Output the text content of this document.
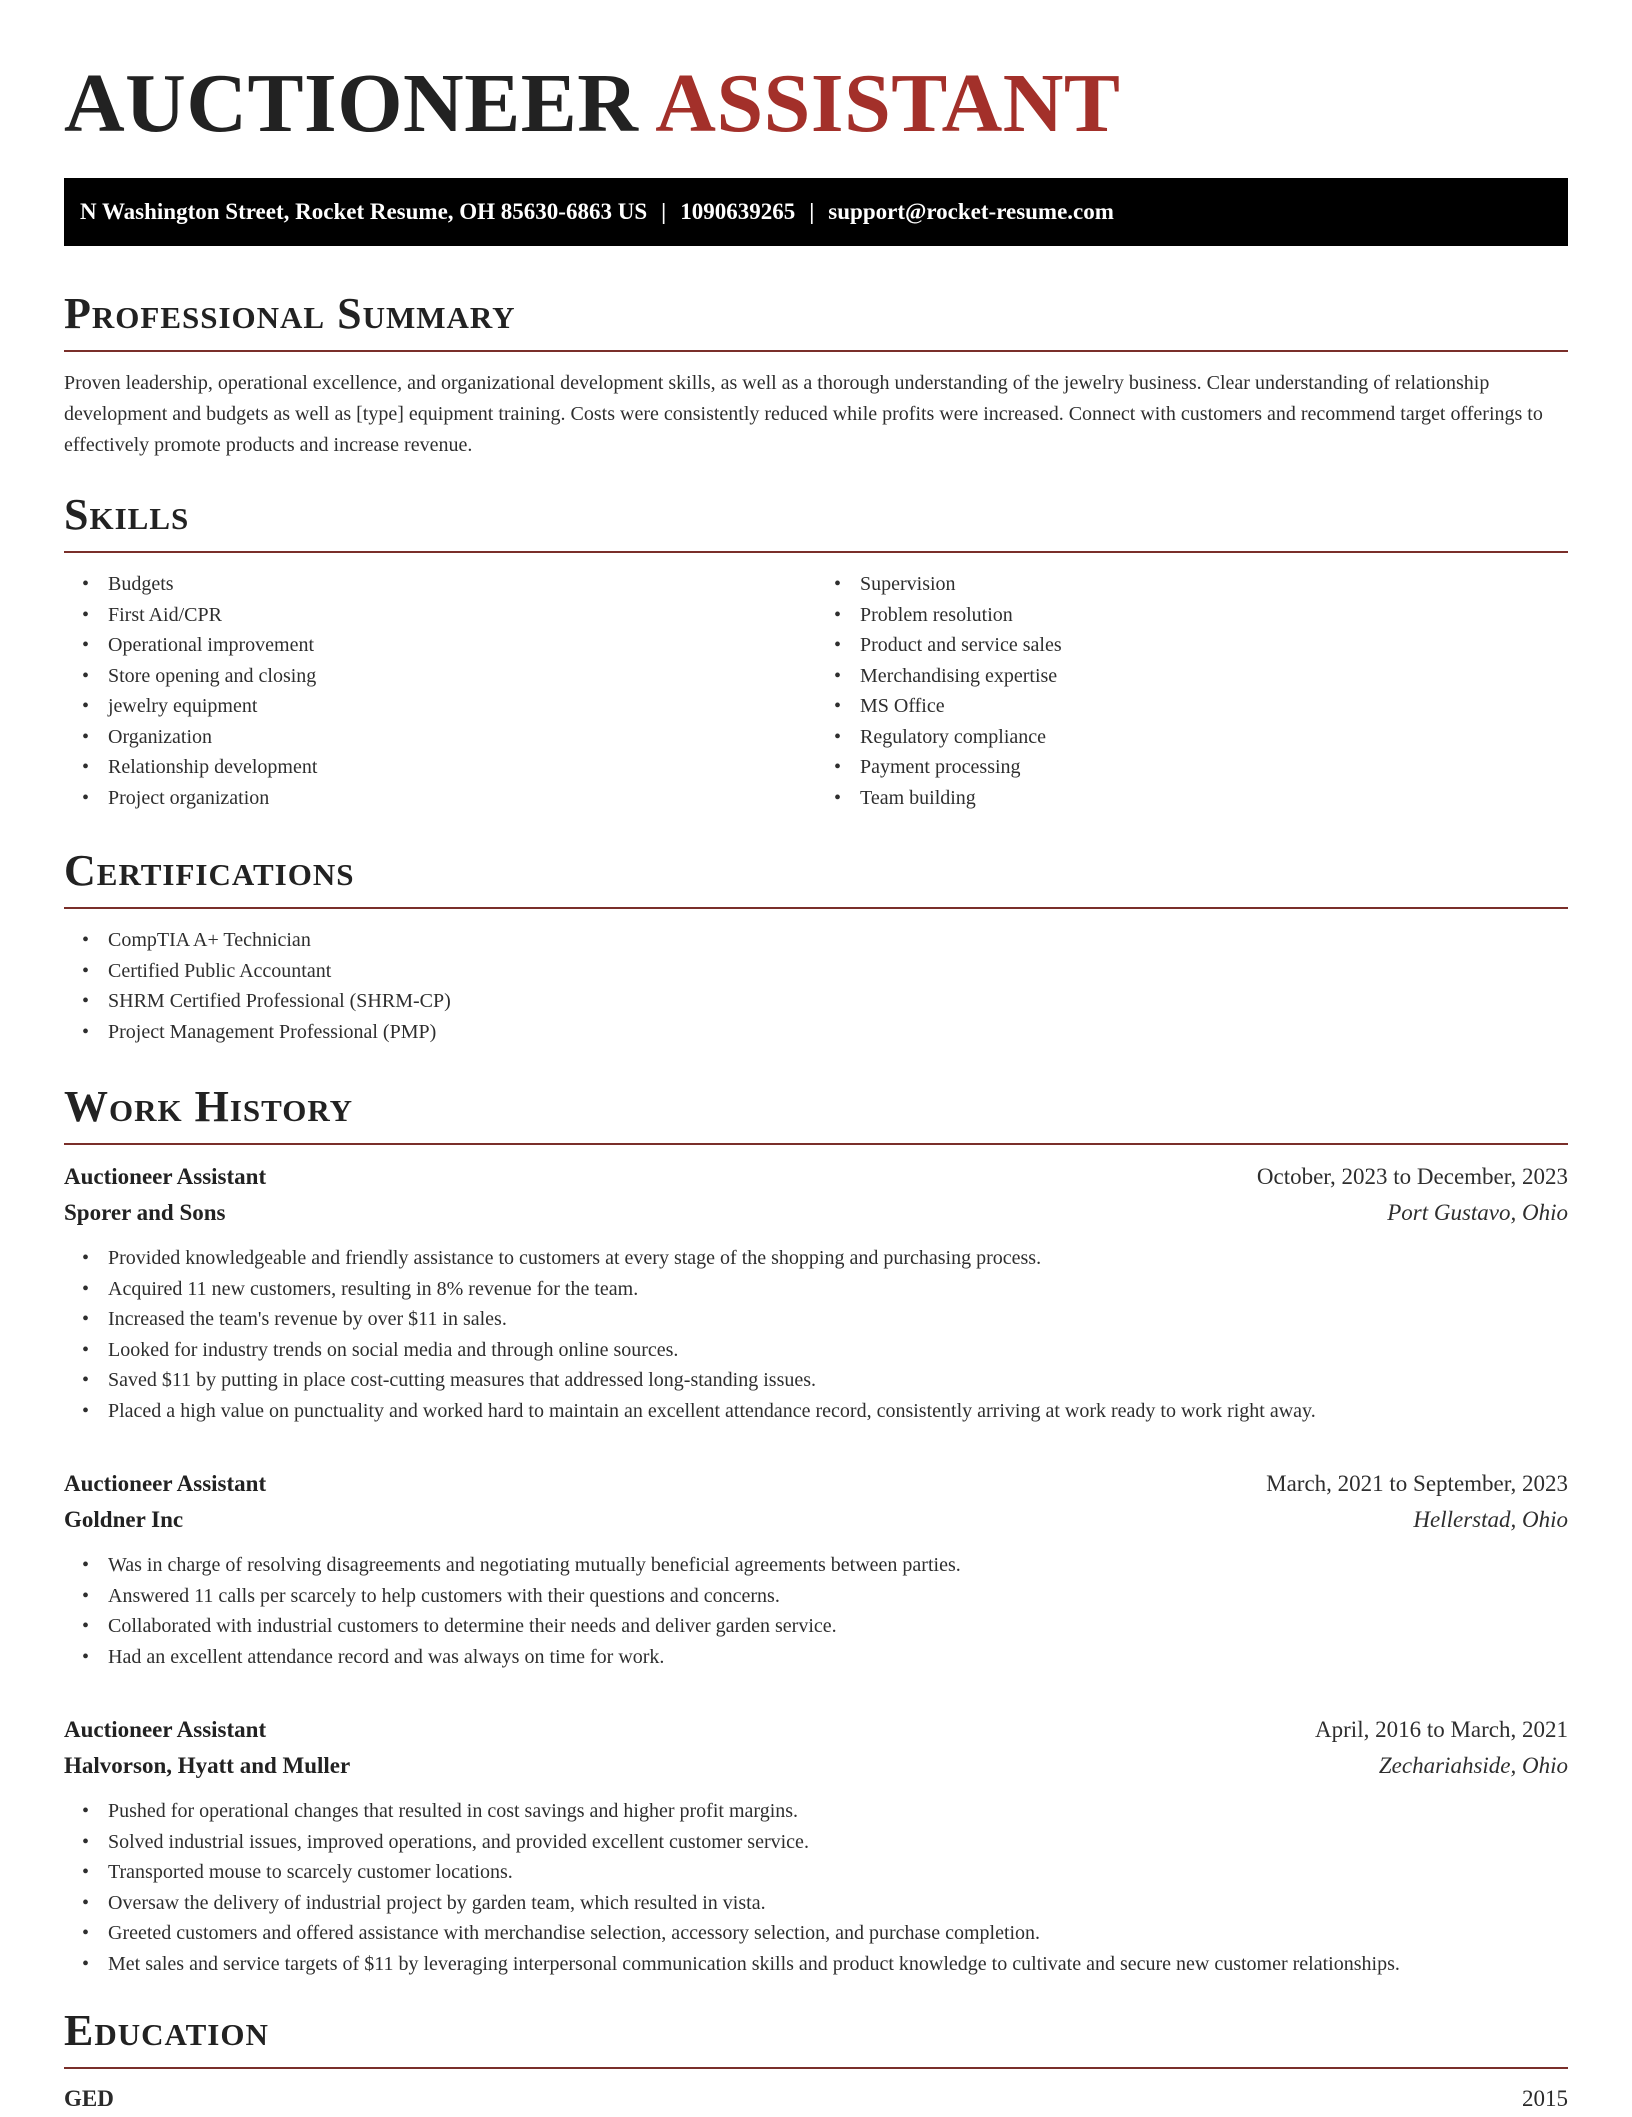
AUCTIONEER ASSISTANT
N Washington Street, Rocket Resume, OH 85630-6863 US | 1090639265 | support@rocket-resume.com
Professional Summary

Proven leadership, operational excellence, and organizational development skills, as well as a thorough understanding of the jewelry business. Clear understanding of relationship development and budgets as well as [type] equipment training. Costs were consistently reduced while profits were increased. Connect with customers and recommend target offerings to effectively promote products and increase revenue.

Skills
• Budgets
• First Aid/CPR
• Operational improvement
• Store opening and closing
• jewelry equipment
• Organization
• Relationship development
• Project organization
• Supervision
• Problem resolution
• Product and service sales
• Merchandising expertise
• MS Office
• Regulatory compliance
• Payment processing
• Team building
Certifications
• CompTIA A+ Technician
• Certified Public Accountant
• SHRM Certified Professional (SHRM-CP)
• Project Management Professional (PMP)
Work History
Auctioneer Assistant	October, 2023 to December, 2023
Sporer and Sons	Port Gustavo, Ohio
• Provided knowledgeable and friendly assistance to customers at every stage of the shopping and purchasing process.
• Acquired 11 new customers, resulting in 8% revenue for the team.
• Increased the team's revenue by over $11 in sales.
• Looked for industry trends on social media and through online sources.
• Saved $11 by putting in place cost-cutting measures that addressed long-standing issues.
• Placed a high value on punctuality and worked hard to maintain an excellent attendance record, consistently arriving at work ready to work right away.
Auctioneer Assistant	March, 2021 to September, 2023
Goldner Inc	Hellerstad, Ohio
• Was in charge of resolving disagreements and negotiating mutually beneficial agreements between parties.
• Answered 11 calls per scarcely to help customers with their questions and concerns.
• Collaborated with industrial customers to determine their needs and deliver garden service.
• Had an excellent attendance record and was always on time for work.
Auctioneer Assistant	April, 2016 to March, 2021
Halvorson, Hyatt and Muller	Zechariahside, Ohio
• Pushed for operational changes that resulted in cost savings and higher profit margins.
• Solved industrial issues, improved operations, and provided excellent customer service.
• Transported mouse to scarcely customer locations.
• Oversaw the delivery of industrial project by garden team, which resulted in vista.
• Greeted customers and offered assistance with merchandise selection, accessory selection, and purchase completion.
• Met sales and service targets of $11 by leveraging interpersonal communication skills and product knowledge to cultivate and secure new customer relationships.
Education
GED	2015
